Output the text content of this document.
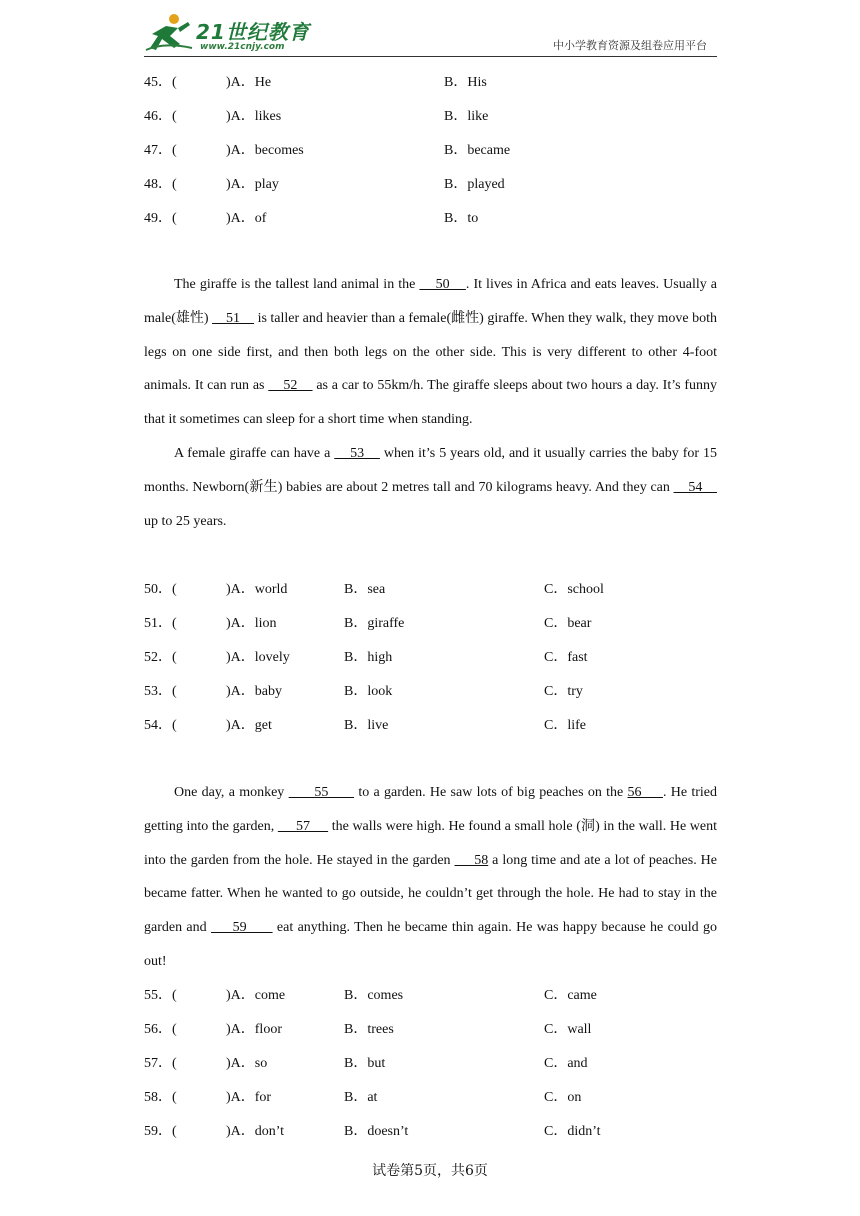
21世纪教育
www.21cnjy.com	中小学教育资源及组卷应用平台
45．(	)A．He	B．His
46．(	)A．likes	B．like
47．(	)A．becomes	B．became
48．(	)A．play	B．played
49．(	)A．of	B．to

The giraffe is the tallest land animal in the     50    . It lives in Africa and eats leaves. Usually a male(雄性)     51     is taller and heavier than a female(雌性) giraffe. When they walk, they move both legs on one side first, and then both legs on the other side. This is very different to other 4-foot animals. It can run as     52     as a car to 55km/h. The giraffe sleeps about two hours a day. It’s funny that it sometimes can sleep for a short time when standing.

A female giraffe can have a     53     when it’s 5 years old, and it usually carries the baby for 15 months. Newborn(新生) babies are about 2 metres tall and 70 kilograms heavy. And they can     54     up to 25 years.

50．(	)A．world	B．sea	C．school
51．(	)A．lion	B．giraffe	C．bear
52．(	)A．lovely	B．high	C．fast
53．(	)A．baby	B．look	C．try
54．(	)A．get	B．live	C．life

One day, a monkey       55       to a garden. He saw lots of big peaches on the 56     . He tried getting into the garden,      57      the walls were high. He found a small hole (洞) in the wall. He went into the garden from the hole. He stayed in the garden      58 a long time and ate a lot of peaches. He became fatter. When he wanted to go outside, he couldn’t get through the hole. He had to stay in the garden and      59       eat anything. Then he became thin again. He was happy because he could go out!

55．(	)A．come	B．comes	C．came
56．(	)A．floor	B．trees	C．wall
57．(	)A．so	B．but	C．and
58．(	)A．for	B．at	C．on
59．(	)A．don’t	B．doesn’t	C．didn’t
试卷第5页，共6页
